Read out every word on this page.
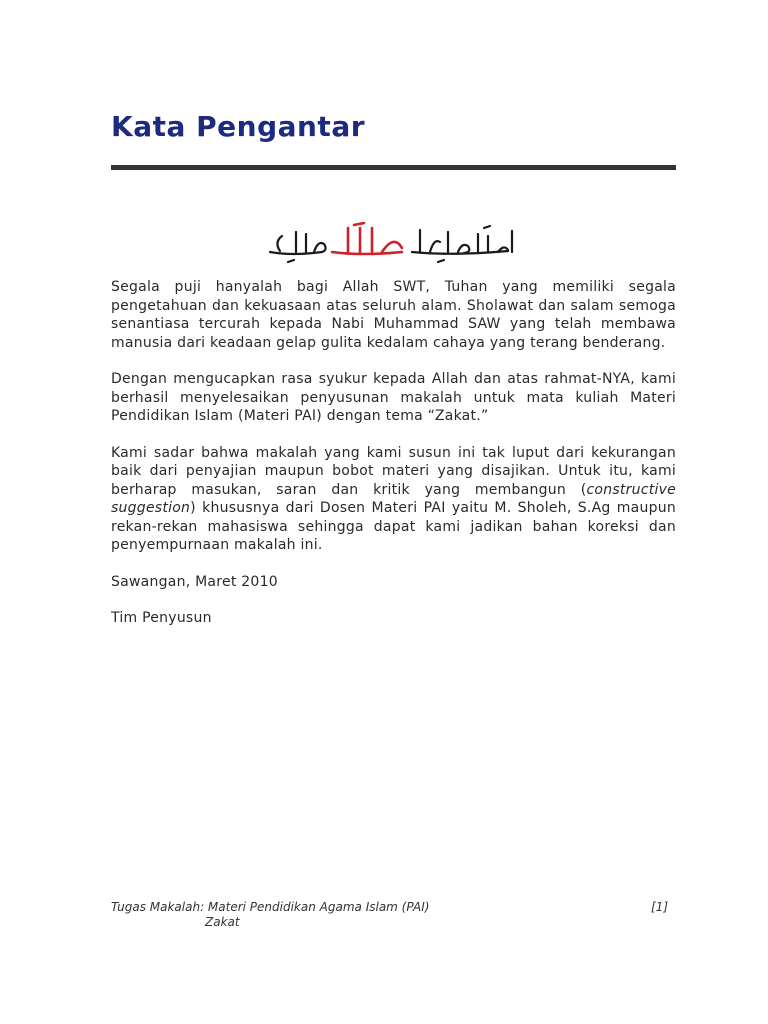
Kata Pengantar

Segala puji hanyalah bagi Allah SWT, Tuhan yang memiliki segala pengetahuan dan kekuasaan atas seluruh alam. Sholawat dan salam semoga senantiasa tercurah kepada Nabi Muhammad SAW yang telah membawa manusia dari keadaan gelap gulita kedalam cahaya yang terang benderang.

Dengan mengucapkan rasa syukur kepada Allah dan atas rahmat-NYA, kami berhasil menyelesaikan penyusunan makalah untuk mata kuliah Materi Pendidikan Islam (Materi PAI) dengan tema “Zakat.”

Kami sadar bahwa makalah yang kami susun ini tak luput dari kekurangan baik dari penyajian maupun bobot materi yang disajikan. Untuk itu, kami berharap masukan, saran dan kritik yang membangun (constructive suggestion) khususnya dari Dosen Materi PAI yaitu M. Sholeh, S.Ag maupun rekan-rekan mahasiswa sehingga dapat kami jadikan bahan koreksi dan penyempurnaan makalah ini.

Sawangan, Maret 2010

Tim Penyusun

Tugas Makalah: Materi Pendidikan Agama Islam (PAI)	[1]
Zakat
